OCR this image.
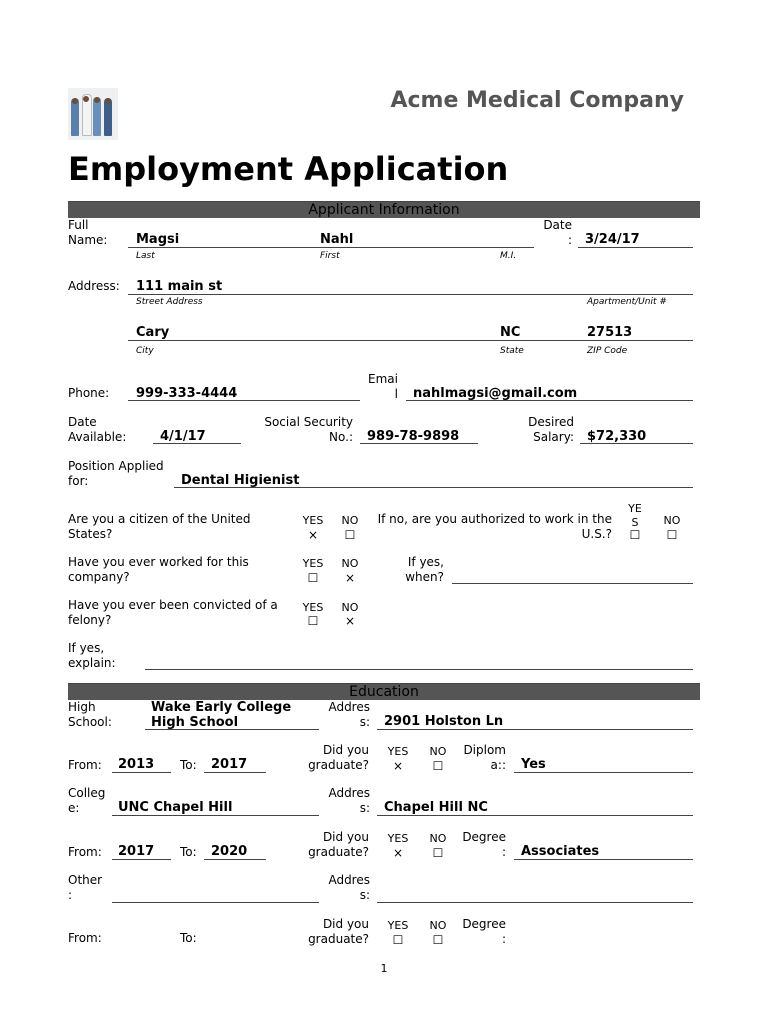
Acme Medical Company
Employment Application
Applicant Information
Full
Name: Magsi	Nahl
Last	First	M.I.
Date
: 3/24/17
Address: 111 main st
Street Address	Apartment/Unit #
Cary	NC	27513
City	State	ZIP Code
Phone: 999-333-4444
Emai
l nahlmagsi@gmail.com
Date
Available:	4/1/17
Social Security
No.: 989-78-9898
Desired
Salary: $72,330
Position Applied
for:	Dental Higienist
Are you a citizen of the United
States?
YES	NO
×	☐
If no, are you authorized to work in the
U.S.?
YE
S	NO
☐	☐
Have you ever worked for this
company?
YES	NO
☐	×
If yes,
when?
Have you ever been convicted of a
felony?
YES	NO
☐	×
If yes,
explain:
Education
High
School:
Wake Early College
High School
Addres
s: 2901 Holston Ln
From: 2013 To: 2017
Did you
graduate?
YES	NO
×	☐
Diplom
a:: Yes
Colleg
e:	UNC Chapel Hill
Addres
s: Chapel Hill NC
From: 2017 To: 2020
Did you
graduate?
YES	NO
×	☐
Degree
: Associates
Other
:
Addres
s:
From:	To:
Did you
graduate?
YES	NO
☐	☐
Degree
:
1
